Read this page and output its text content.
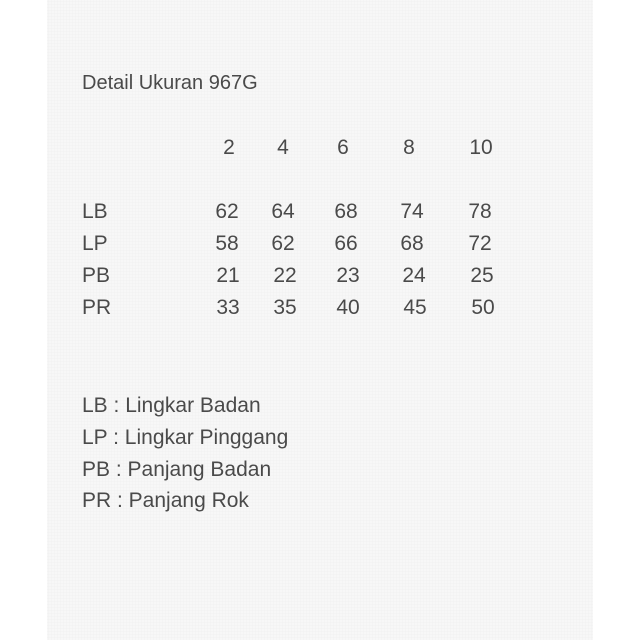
Detail Ukuran 967G
2 4 6	8	10
LB	62 64 68 74 78
LP	58 62 66 68 72
PB	21 22 23 24 25
PR	33 35 40 45 50
LB : Lingkar Badan
LP : Lingkar Pinggang
PB : Panjang Badan
PR : Panjang Rok
